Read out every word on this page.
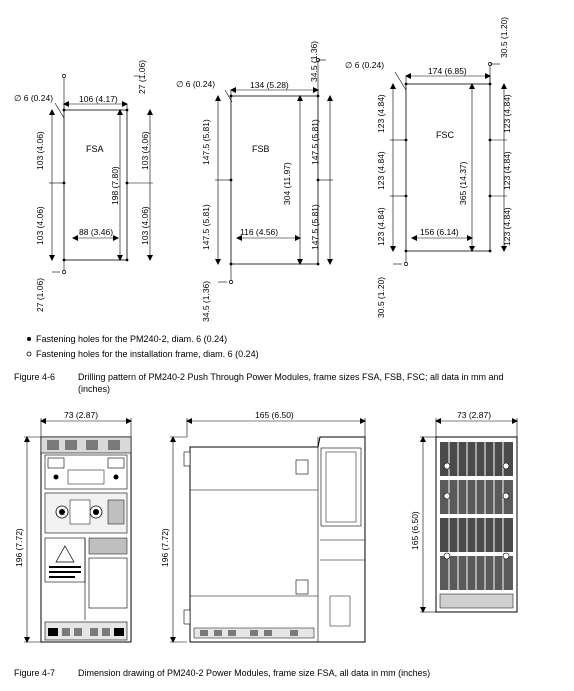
FSA
106 (4.17)
∅ 6 (0.24)
27 (1.06)
103 (4.06)
103 (4.06)
103 (4.06)
103 (4.06)
198 (7.80)
88 (3.46)
27 (1.06)
FSB
134 (5.28)
∅ 6 (0.24)
34.5 (1.36)
147.5 (5.81)
147.5 (5.81)
147.5 (5.81)
147.5 (5.81)
304 (11.97)
116 (4.56)
34.5 (1.36)
FSC
174 (6.85)
∅ 6 (0.24)
30.5 (1.20)
123 (4.84)
123 (4.84)
123 (4.84)
123 (4.84)
123 (4.84)
123 (4.84)
365 (14.37)
156 (6.14)
30.5 (1.20)
Fastening holes for the PM240-2, diam. 6 (0.24)
Fastening holes for the installation frame, diam. 6 (0.24)
Figure 4-6	Drilling pattern of PM240-2 Push Through Power Modules, frame sizes FSA, FSB, FSC; all data in mm and
(inches)
73 (2.87)
196 (7.72)
165 (6.50)
196 (7.72)
73 (2.87)
165 (6.50)
Figure 4-7	Dimension drawing of PM240-2 Power Modules, frame size FSA, all data in mm (inches)
